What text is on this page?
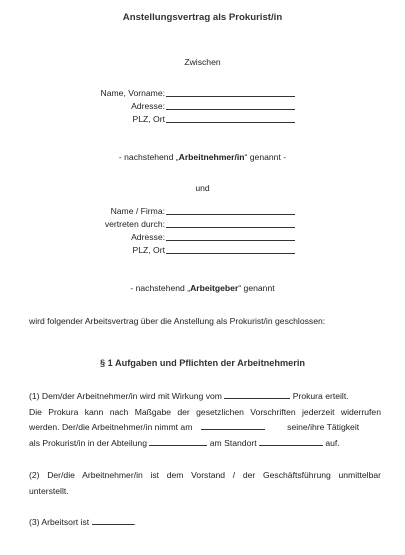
Anstellungsvertrag als Prokurist/in
Zwischen
Name, Vorname:
Adresse:
PLZ, Ort
- nachstehend „Arbeitnehmer/in“ genannt -
und
Name / Firma:
vertreten durch:
Adresse:
PLZ, Ort
- nachstehend „Arbeitgeber“ genannt
wird folgender Arbeitsvertrag über die Anstellung als Prokurist/in geschlossen:
§ 1 Aufgaben und Pflichten der Arbeitnehmerin
(1) Dem/der Arbeitnehmer/in wird mit Wirkung vom	Prokura erteilt.
Die Prokura kann nach Maßgabe der gesetzlichen Vorschriften jederzeit widerrufen
werden. Der/die Arbeitnehmer/in nimmt am	seine/ihre Tätigkeit
als Prokurist/in in der Abteilung	am Standort	auf.
(2) Der/die Arbeitnehmer/in ist dem Vorstand / der Geschäftsführung unmittelbar
unterstellt.
(3) Arbeitsort ist	.
